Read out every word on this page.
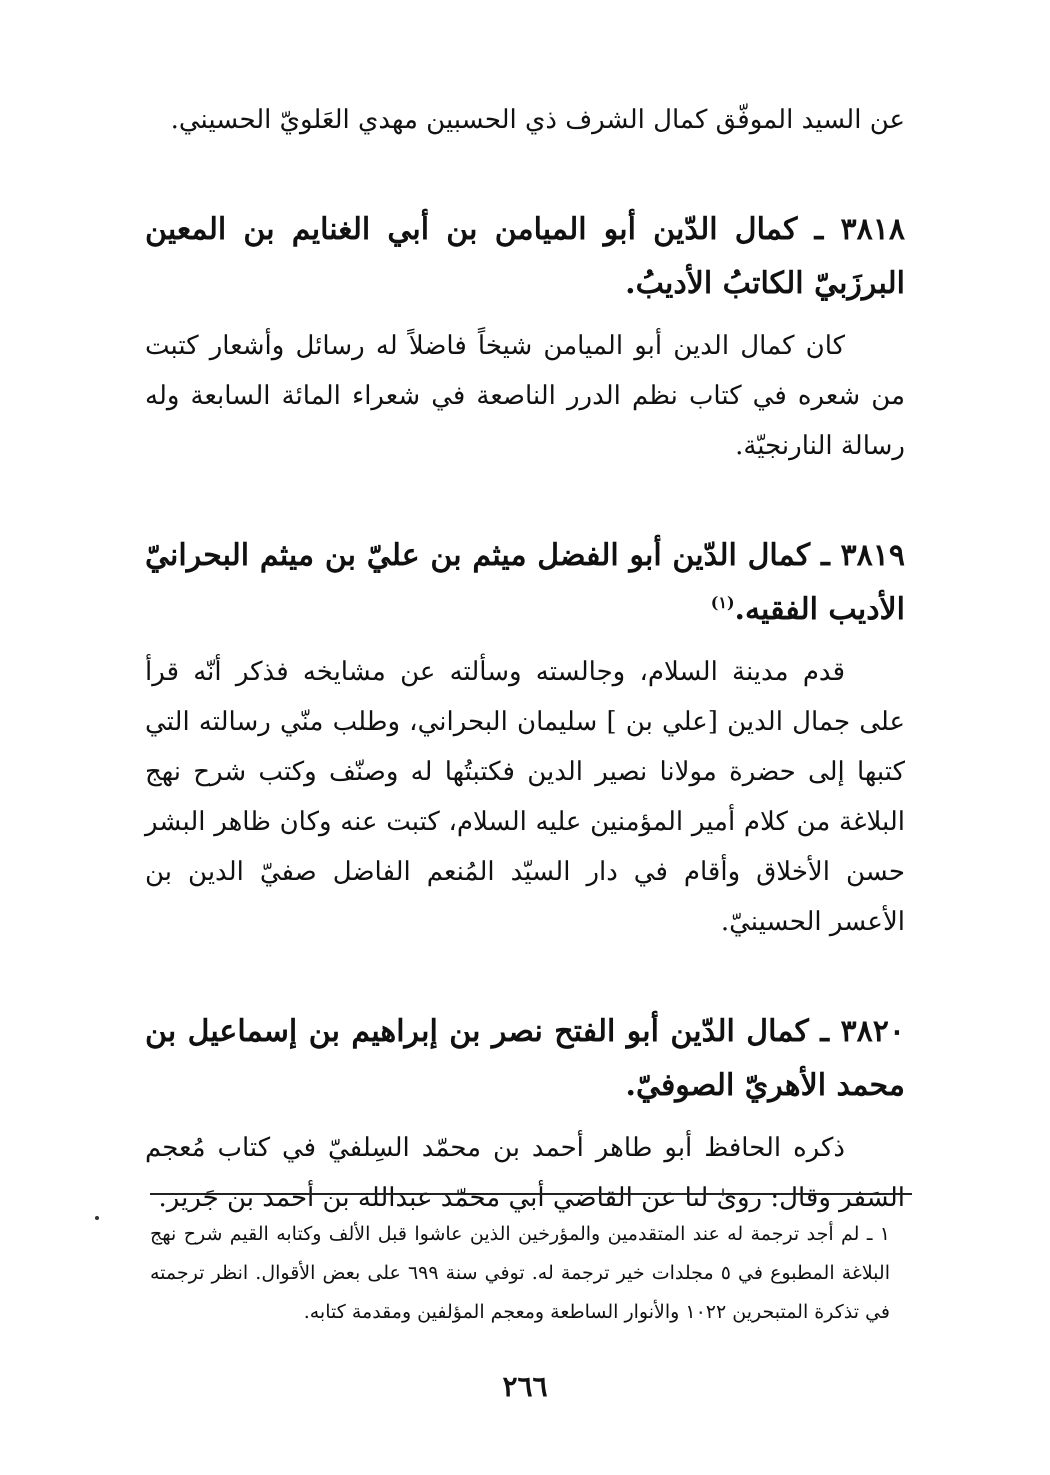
عن السيد الموفّق كمال الشرف ذي الحسبين مهدي العَلويّ الحسيني.

٣٨١٨ ـ كمال الدّين أبو الميامن بن أبي الغنايم بن المعين البرزَبيّ الكاتبُ الأديبُ.

كان كمال الدين أبو الميامن شيخاً فاضلاً له رسائل وأشعار كتبت من شعره في كتاب نظم الدرر الناصعة في شعراء المائة السابعة وله رسالة النارنجيّة.

٣٨١٩ ـ كمال الدّين أبو الفضل ميثم بن عليّ بن ميثم البحرانيّ الأديب الفقيه.$^{(١)}$

قدم مدينة السلام، وجالسته وسألته عن مشايخه فذكر أنّه قرأ على جمال الدين [علي بن ] سليمان البحراني، وطلب منّي رسالته التي كتبها إلى حضرة مولانا نصير الدين فكتبتُها له وصنّف وكتب شرح نهج البلاغة من كلام أمير المؤمنين عليه السلام، كتبت عنه وكان ظاهر البشر حسن الأخلاق وأقام في دار السيّد المُنعم الفاضل صفيّ الدين بن الأعسر الحسينيّ.

٣٨٢٠ ـ كمال الدّين أبو الفتح نصر بن إبراهيم بن إسماعيل بن محمد الأهريّ الصوفيّ.

ذكره الحافظ أبو طاهر أحمد بن محمّد السِلفيّ في كتاب مُعجم السَفر وقال: روىٰ لنا عن القاضي أبي محمّد عبدالله بن أحمد بن جَرير.

١ ـ لم أجد ترجمة له عند المتقدمين والمؤرخين الذين عاشوا قبل الألف وكتابه القيم شرح نهج البلاغة المطبوع في ٥ مجلدات خير ترجمة له. توفي سنة ٦٩٩ على بعض الأقوال. انظر ترجمته في تذكرة المتبحرين ١٠٢٢ والأنوار الساطعة ومعجم المؤلفين ومقدمة كتابه.

٢٦٦
